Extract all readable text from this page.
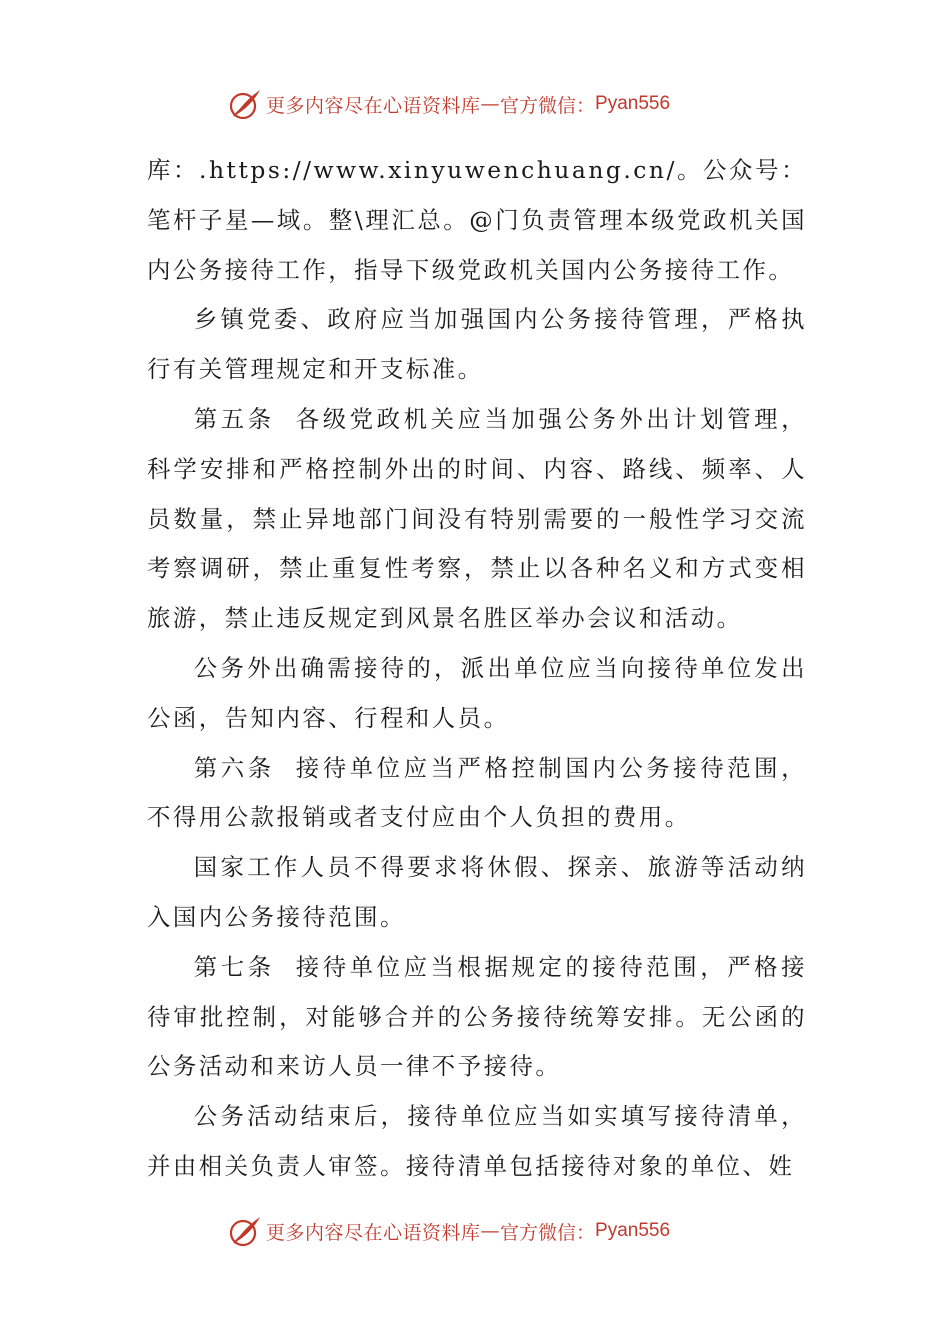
更多内容尽在心语资料库 — 官方微信： Pyan556

库：.https://www.xinyuwenchuang.cn/。公众号：笔杆子星—域。整\理汇总。@门负责管理本级党政机关国内公务接待工作，指导下级党政机关国内公务接待工作。

乡镇党委、政府应当加强国内公务接待管理，严格执行有关管理规定和开支标准。

第五条 各级党政机关应当加强公务外出计划管理，科学安排和严格控制外出的时间、内容、路线、频率、人员数量，禁止异地部门间没有特别需要的一般性学习交流考察调研，禁止重复性考察，禁止以各种名义和方式变相旅游，禁止违反规定到风景名胜区举办会议和活动。

公务外出确需接待的，派出单位应当向接待单位发出公函，告知内容、行程和人员。

第六条 接待单位应当严格控制国内公务接待范围，不得用公款报销或者支付应由个人负担的费用。

国家工作人员不得要求将休假、探亲、旅游等活动纳入国内公务接待范围。

第七条 接待单位应当根据规定的接待范围，严格接待审批控制，对能够合并的公务接待统筹安排。无公函的公务活动和来访人员一律不予接待。

公务活动结束后，接待单位应当如实填写接待清单，并由相关负责人审签。接待清单包括接待对象的单位、姓

更多内容尽在心语资料库 — 官方微信： Pyan556
